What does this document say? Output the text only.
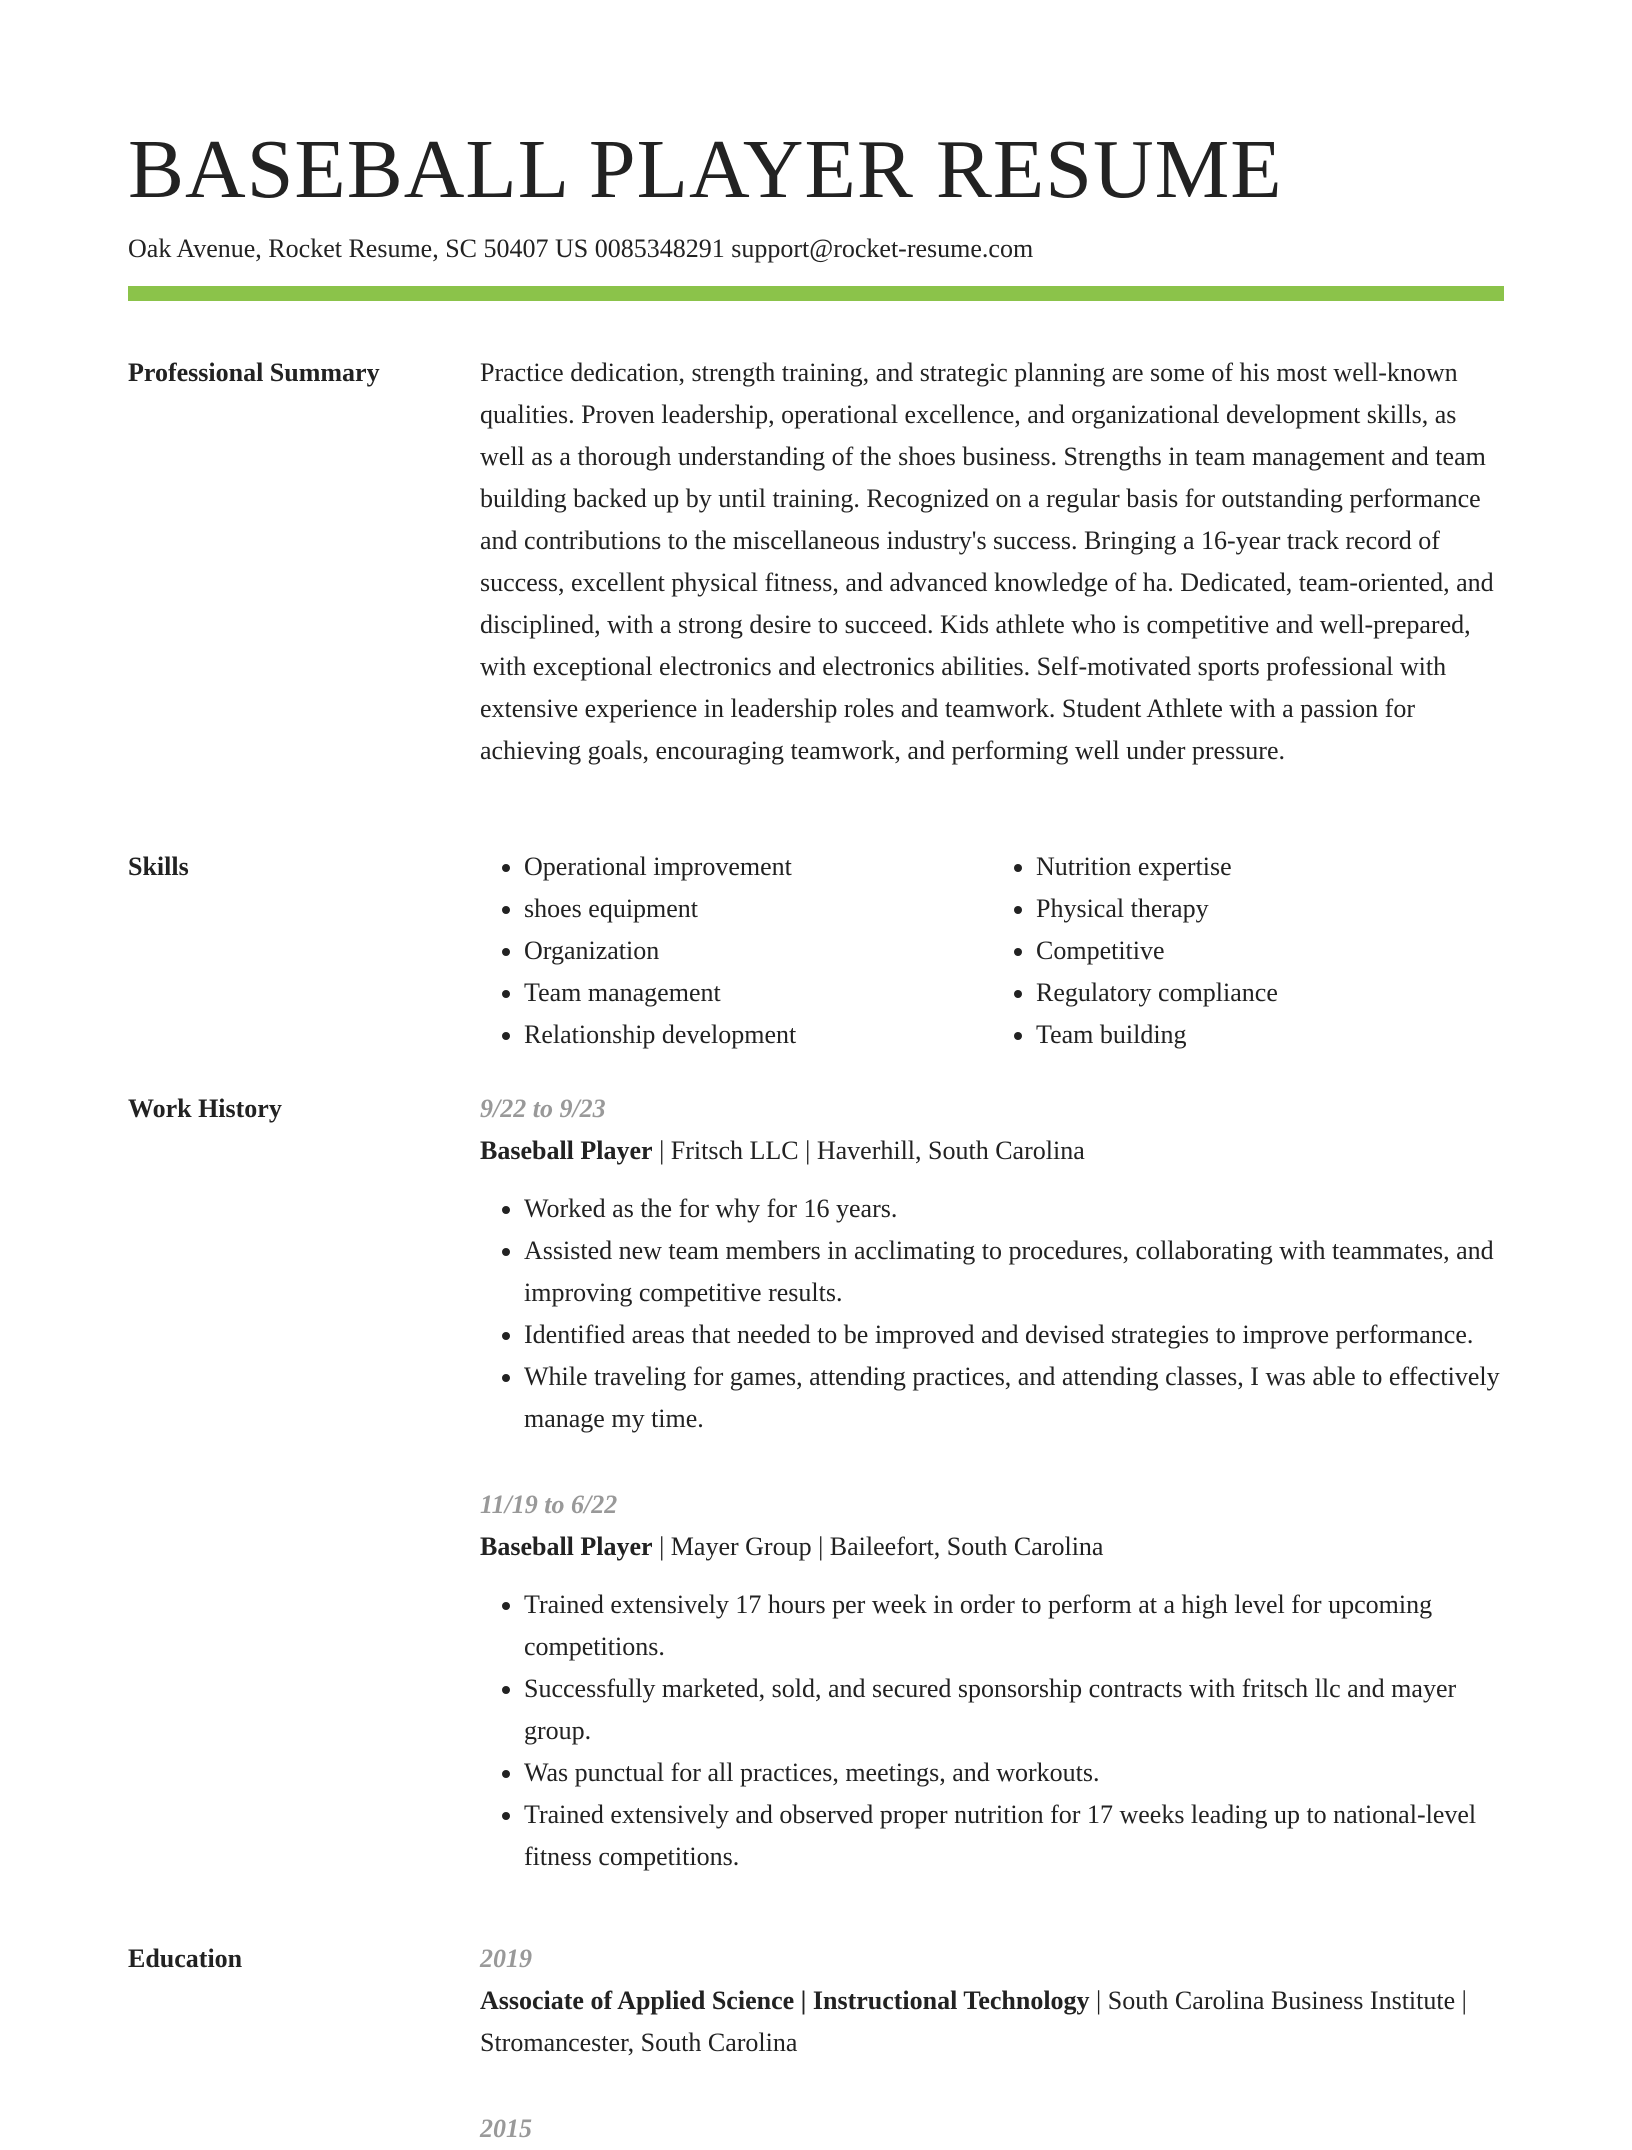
BASEBALL PLAYER RESUME
Oak Avenue, Rocket Resume, SC 50407 US 0085348291 support@rocket-resume.com
Professional Summary	Practice dedication, strength training, and strategic planning are some of his most well-known qualities. Proven leadership, operational excellence, and organizational development skills, as well as a thorough understanding of the shoes business. Strengths in team management and team building backed up by until training. Recognized on a regular basis for outstanding performance and contributions to the miscellaneous industry's success. Bringing a 16-year track record of success, excellent physical fitness, and advanced knowledge of ha. Dedicated, team-oriented, and disciplined, with a strong desire to succeed. Kids athlete who is competitive and well-prepared, with exceptional electronics and electronics abilities. Self-motivated sports professional with extensive experience in leadership roles and teamwork. Student Athlete with a passion for achieving goals, encouraging teamwork, and performing well under pressure.

Skills
•	Operational improvement
• shoes equipment
• Organization
• Team management
• Relationship development
• Nutrition expertise
• Physical therapy
• Competitive
• Regulatory compliance
• Team building
Work History	9/22 to 9/23
Baseball Player | Fritsch LLC | Haverhill, South Carolina
• Worked as the for why for 16 years.
• Assisted new team members in acclimating to procedures, collaborating with teammates, and improving competitive results.
• Identified areas that needed to be improved and devised strategies to improve performance.
• While traveling for games, attending practices, and attending classes, I was able to effectively manage my time.
11/19 to 6/22
Baseball Player | Mayer Group | Baileefort, South Carolina
• Trained extensively 17 hours per week in order to perform at a high level for upcoming competitions.
• Successfully marketed, sold, and secured sponsorship contracts with fritsch llc and mayer group.
• Was punctual for all practices, meetings, and workouts.
• Trained extensively and observed proper nutrition for 17 weeks leading up to national-level fitness competitions.
Education	2019
Associate of Applied Science | Instructional Technology | South Carolina Business Institute | Stromancester, South Carolina
2015
